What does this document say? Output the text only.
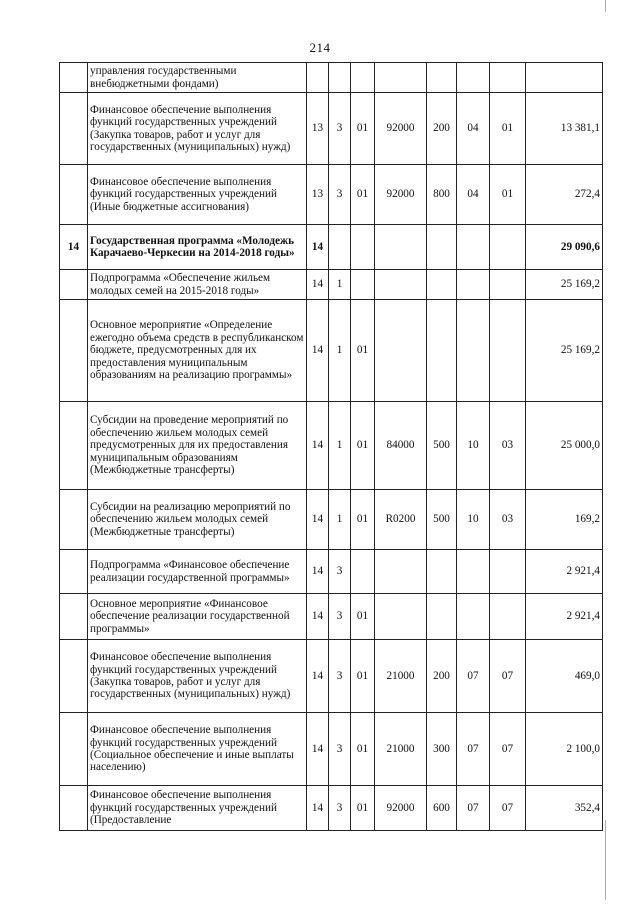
214
	управления государственными внебюджетными фондами)								
	Финансовое обеспечение выполнения функций государственных учреждений (Закупка товаров, работ и услуг для государственных (муниципальных) нужд)	13	3	01	92000	200	04	01	13 381,1
	Финансовое обеспечение выполнения функций государственных учреждений (Иные бюджетные ассигнования)	13	3	01	92000	800	04	01	272,4
14	Государственная программа «Молодежь Карачаево-Черкесии на 2014-2018 годы»	14							29 090,6
	Подпрограмма «Обеспечение жильем молодых семей на 2015-2018 годы»	14	1						25 169,2
	Основное мероприятие «Определение ежегодно объема средств в республиканском бюджете, предусмотренных для их предоставления муниципальным образованиям на реализацию программы»	14	1	01					25 169,2
	Субсидии на проведение мероприятий по обеспечению жильем молодых семей предусмотренных для их предоставления муниципальным образованиям (Межбюджетные трансферты)	14	1	01	84000	500	10	03	25 000,0
	Субсидии на реализацию мероприятий по обеспечению жильем молодых семей (Межбюджетные трансферты)	14	1	01	R0200	500	10	03	169,2
	Подпрограмма «Финансовое обеспечение реализации государственной программы»	14	3						2 921,4
	Основное мероприятие «Финансовое обеспечение реализации государственной программы»	14	3	01					2 921,4
	Финансовое обеспечение выполнения функций государственных учреждений (Закупка товаров, работ и услуг для государственных (муниципальных) нужд)	14	3	01	21000	200	07	07	469,0
	Финансовое обеспечение выполнения функций государственных учреждений (Социальное обеспечение и иные выплаты населению)	14	3	01	21000	300	07	07	2 100,0
	Финансовое обеспечение выполнения функций государственных учреждений (Предоставление	14	3	01	92000	600	07	07	352,4
